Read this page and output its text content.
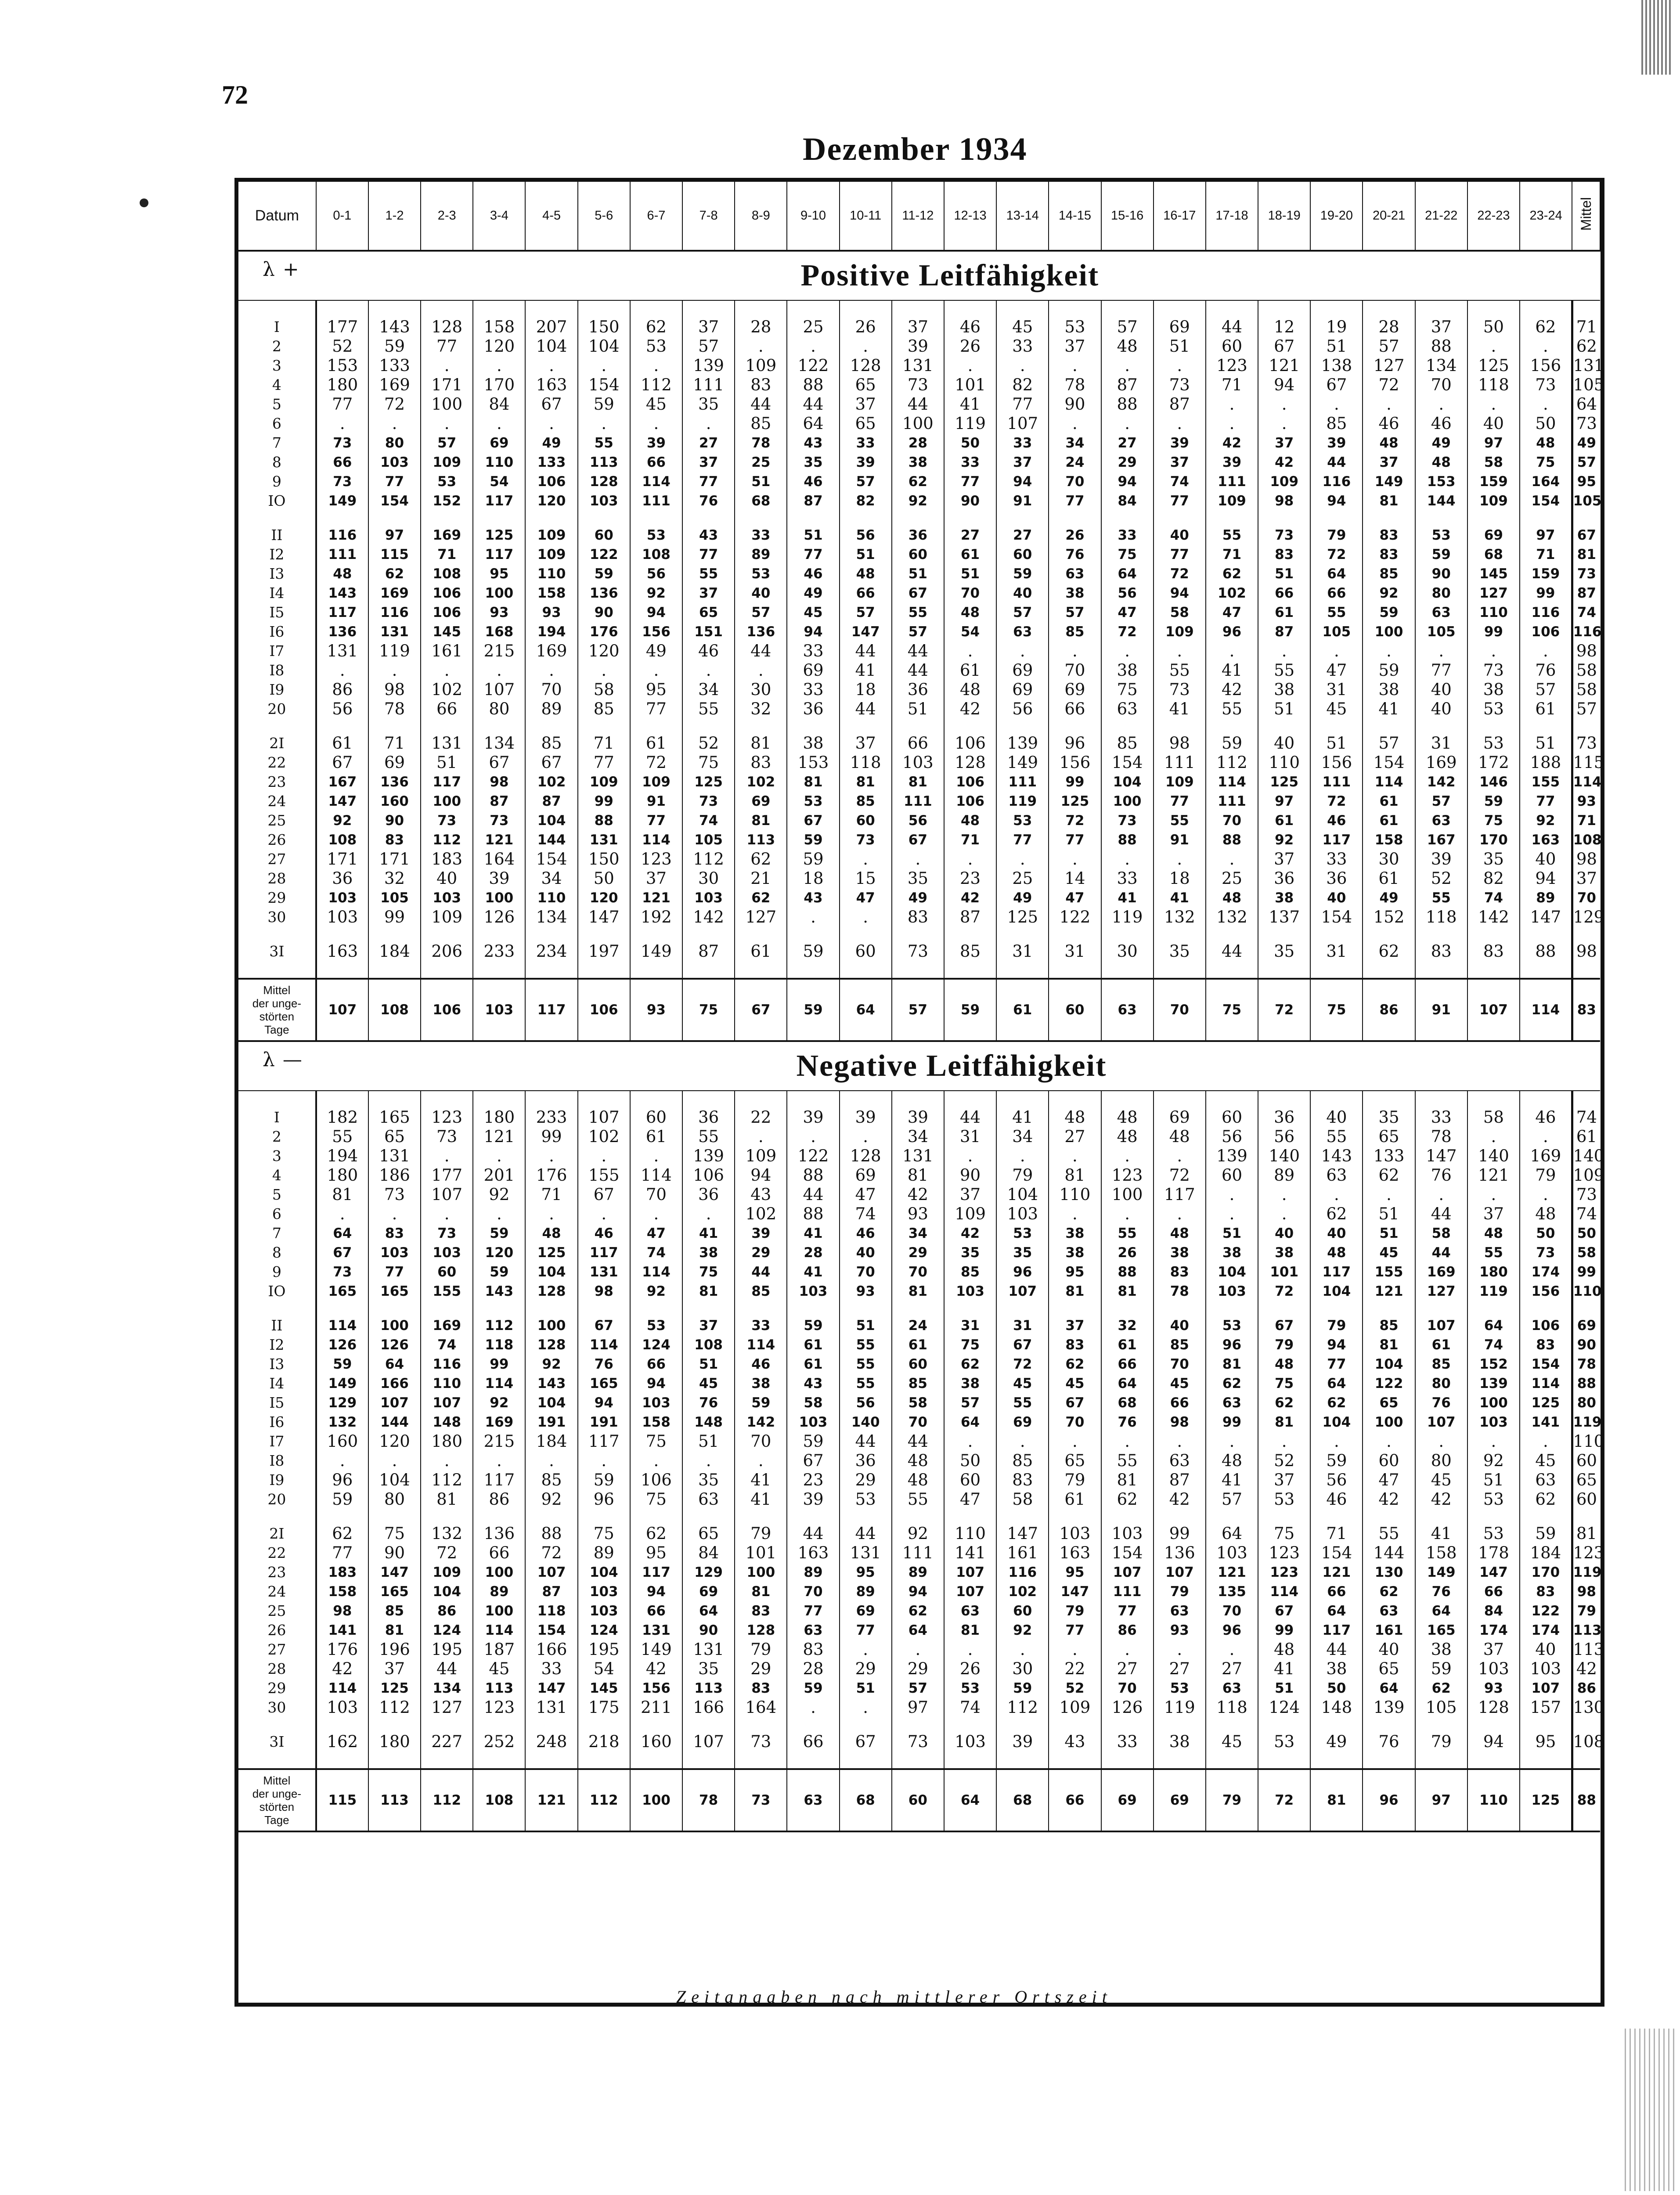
72
Dezember 1934
Datum	0-1	1-2	2-3	3-4	4-5	5-6	6-7	7-8	8-9	9-10	10-11	11-12	12-13	13-14	14-15	15-16	16-17	17-18	18-19	19-20	20-21	21-22	22-23	23-24	Mittel

λ + Positive Leitfähigkeit																									

I	177	143	128	158	207	150	62	37	28	25	26	37	46	45	53	57	69	44	12	19	28	37	50	62	71
2	52	59	77	120	104	104	53	57	.	.	.	39	26	33	37	48	51	60	67	51	57	88	.	.	62
3	153	133	.	.	.	.	.	139	109	122	128	131	.	.	.	.	.	123	121	138	127	134	125	156	131
4	180	169	171	170	163	154	112	111	83	88	65	73	101	82	78	87	73	71	94	67	72	70	118	73	105
5	77	72	100	84	67	59	45	35	44	44	37	44	41	77	90	88	87	.	.	.	.	.	.	.	64
6	.	.	.	.	.	.	.	.	85	64	65	100	119	107	.	.	.	.	.	85	46	46	40	50	73
7	73	80	57	69	49	55	39	27	78	43	33	28	50	33	34	27	39	42	37	39	48	49	97	48	49
8	66	103	109	110	133	113	66	37	25	35	39	38	33	37	24	29	37	39	42	44	37	48	58	75	57
9	73	77	53	54	106	128	114	77	51	46	57	62	77	94	70	94	74	111	109	116	149	153	159	164	95
IO	149	154	152	117	120	103	111	76	68	87	82	92	90	91	77	84	77	109	98	94	81	144	109	154	105

II	116	97	169	125	109	60	53	43	33	51	56	36	27	27	26	33	40	55	73	79	83	53	69	97	67
I2	111	115	71	117	109	122	108	77	89	77	51	60	61	60	76	75	77	71	83	72	83	59	68	71	81
I3	48	62	108	95	110	59	56	55	53	46	48	51	51	59	63	64	72	62	51	64	85	90	145	159	73
I4	143	169	106	100	158	136	92	37	40	49	66	67	70	40	38	56	94	102	66	66	92	80	127	99	87
I5	117	116	106	93	93	90	94	65	57	45	57	55	48	57	57	47	58	47	61	55	59	63	110	116	74
I6	136	131	145	168	194	176	156	151	136	94	147	57	54	63	85	72	109	96	87	105	100	105	99	106	116
I7	131	119	161	215	169	120	49	46	44	33	44	44	.	.	.	.	.	.	.	.	.	.	.	.	98
I8	.	.	.	.	.	.	.	.	.	69	41	44	61	69	70	38	55	41	55	47	59	77	73	76	58
I9	86	98	102	107	70	58	95	34	30	33	18	36	48	69	69	75	73	42	38	31	38	40	38	57	58
20	56	78	66	80	89	85	77	55	32	36	44	51	42	56	66	63	41	55	51	45	41	40	53	61	57

2I	61	71	131	134	85	71	61	52	81	38	37	66	106	139	96	85	98	59	40	51	57	31	53	51	73
22	67	69	51	67	67	77	72	75	83	153	118	103	128	149	156	154	111	112	110	156	154	169	172	188	115
23	167	136	117	98	102	109	109	125	102	81	81	81	106	111	99	104	109	114	125	111	114	142	146	155	114
24	147	160	100	87	87	99	91	73	69	53	85	111	106	119	125	100	77	111	97	72	61	57	59	77	93
25	92	90	73	73	104	88	77	74	81	67	60	56	48	53	72	73	55	70	61	46	61	63	75	92	71
26	108	83	112	121	144	131	114	105	113	59	73	67	71	77	77	88	91	88	92	117	158	167	170	163	108
27	171	171	183	164	154	150	123	112	62	59	.	.	.	.	.	.	.	.	37	33	30	39	35	40	98
28	36	32	40	39	34	50	37	30	21	18	15	35	23	25	14	33	18	25	36	36	61	52	82	94	37
29	103	105	103	100	110	120	121	103	62	43	47	49	42	49	47	41	41	48	38	40	49	55	74	89	70
30	103	99	109	126	134	147	192	142	127	.	.	83	87	125	122	119	132	132	137	154	152	118	142	147	129

3I	163	184	206	233	234	197	149	87	61	59	60	73	85	31	31	30	35	44	35	31	62	83	83	88	98

Mittel
der unge-
störten
Tage	107	108	106	103	117	106	93	75	67	59	64	57	59	61	60	63	70	75	72	75	86	91	107	114	83

λ — Negative Leitfähigkeit																									

I	182	165	123	180	233	107	60	36	22	39	39	39	44	41	48	48	69	60	36	40	35	33	58	46	74
2	55	65	73	121	99	102	61	55	.	.	.	34	31	34	27	48	48	56	56	55	65	78	.	.	61
3	194	131	.	.	.	.	.	139	109	122	128	131	.	.	.	.	.	139	140	143	133	147	140	169	140
4	180	186	177	201	176	155	114	106	94	88	69	81	90	79	81	123	72	60	89	63	62	76	121	79	109
5	81	73	107	92	71	67	70	36	43	44	47	42	37	104	110	100	117	.	.	.	.	.	.	.	73
6	.	.	.	.	.	.	.	.	102	88	74	93	109	103	.	.	.	.	.	62	51	44	37	48	74
7	64	83	73	59	48	46	47	41	39	41	46	34	42	53	38	55	48	51	40	40	51	58	48	50	50
8	67	103	103	120	125	117	74	38	29	28	40	29	35	35	38	26	38	38	38	48	45	44	55	73	58
9	73	77	60	59	104	131	114	75	44	41	70	70	85	96	95	88	83	104	101	117	155	169	180	174	99
IO	165	165	155	143	128	98	92	81	85	103	93	81	103	107	81	81	78	103	72	104	121	127	119	156	110

II	114	100	169	112	100	67	53	37	33	59	51	24	31	31	37	32	40	53	67	79	85	107	64	106	69
I2	126	126	74	118	128	114	124	108	114	61	55	61	75	67	83	61	85	96	79	94	81	61	74	83	90
I3	59	64	116	99	92	76	66	51	46	61	55	60	62	72	62	66	70	81	48	77	104	85	152	154	78
I4	149	166	110	114	143	165	94	45	38	43	55	85	38	45	45	64	45	62	75	64	122	80	139	114	88
I5	129	107	107	92	104	94	103	76	59	58	56	58	57	55	67	68	66	63	62	62	65	76	100	125	80
I6	132	144	148	169	191	191	158	148	142	103	140	70	64	69	70	76	98	99	81	104	100	107	103	141	119
I7	160	120	180	215	184	117	75	51	70	59	44	44	.	.	.	.	.	.	.	.	.	.	.	.	110
I8	.	.	.	.	.	.	.	.	.	67	36	48	50	85	65	55	63	48	52	59	60	80	92	45	60
I9	96	104	112	117	85	59	106	35	41	23	29	48	60	83	79	81	87	41	37	56	47	45	51	63	65
20	59	80	81	86	92	96	75	63	41	39	53	55	47	58	61	62	42	57	53	46	42	42	53	62	60

2I	62	75	132	136	88	75	62	65	79	44	44	92	110	147	103	103	99	64	75	71	55	41	53	59	81
22	77	90	72	66	72	89	95	84	101	163	131	111	141	161	163	154	136	103	123	154	144	158	178	184	123
23	183	147	109	100	107	104	117	129	100	89	95	89	107	116	95	107	107	121	123	121	130	149	147	170	119
24	158	165	104	89	87	103	94	69	81	70	89	94	107	102	147	111	79	135	114	66	62	76	66	83	98
25	98	85	86	100	118	103	66	64	83	77	69	62	63	60	79	77	63	70	67	64	63	64	84	122	79
26	141	81	124	114	154	124	131	90	128	63	77	64	81	92	77	86	93	96	99	117	161	165	174	174	113
27	176	196	195	187	166	195	149	131	79	83	.	.	.	.	.	.	.	.	48	44	40	38	37	40	113
28	42	37	44	45	33	54	42	35	29	28	29	29	26	30	22	27	27	27	41	38	65	59	103	103	42
29	114	125	134	113	147	145	156	113	83	59	51	57	53	59	52	70	53	63	51	50	64	62	93	107	86
30	103	112	127	123	131	175	211	166	164	.	.	97	74	112	109	126	119	118	124	148	139	105	128	157	130

3I	162	180	227	252	248	218	160	107	73	66	67	73	103	39	43	33	38	45	53	49	76	79	94	95	108

Mittel
der unge-
störten
Tage	115	113	112	108	121	112	100	78	73	63	68	60	64	68	66	69	69	79	72	81	96	97	110	125	88
Zeitangaben nach mittlerer Ortszeit
